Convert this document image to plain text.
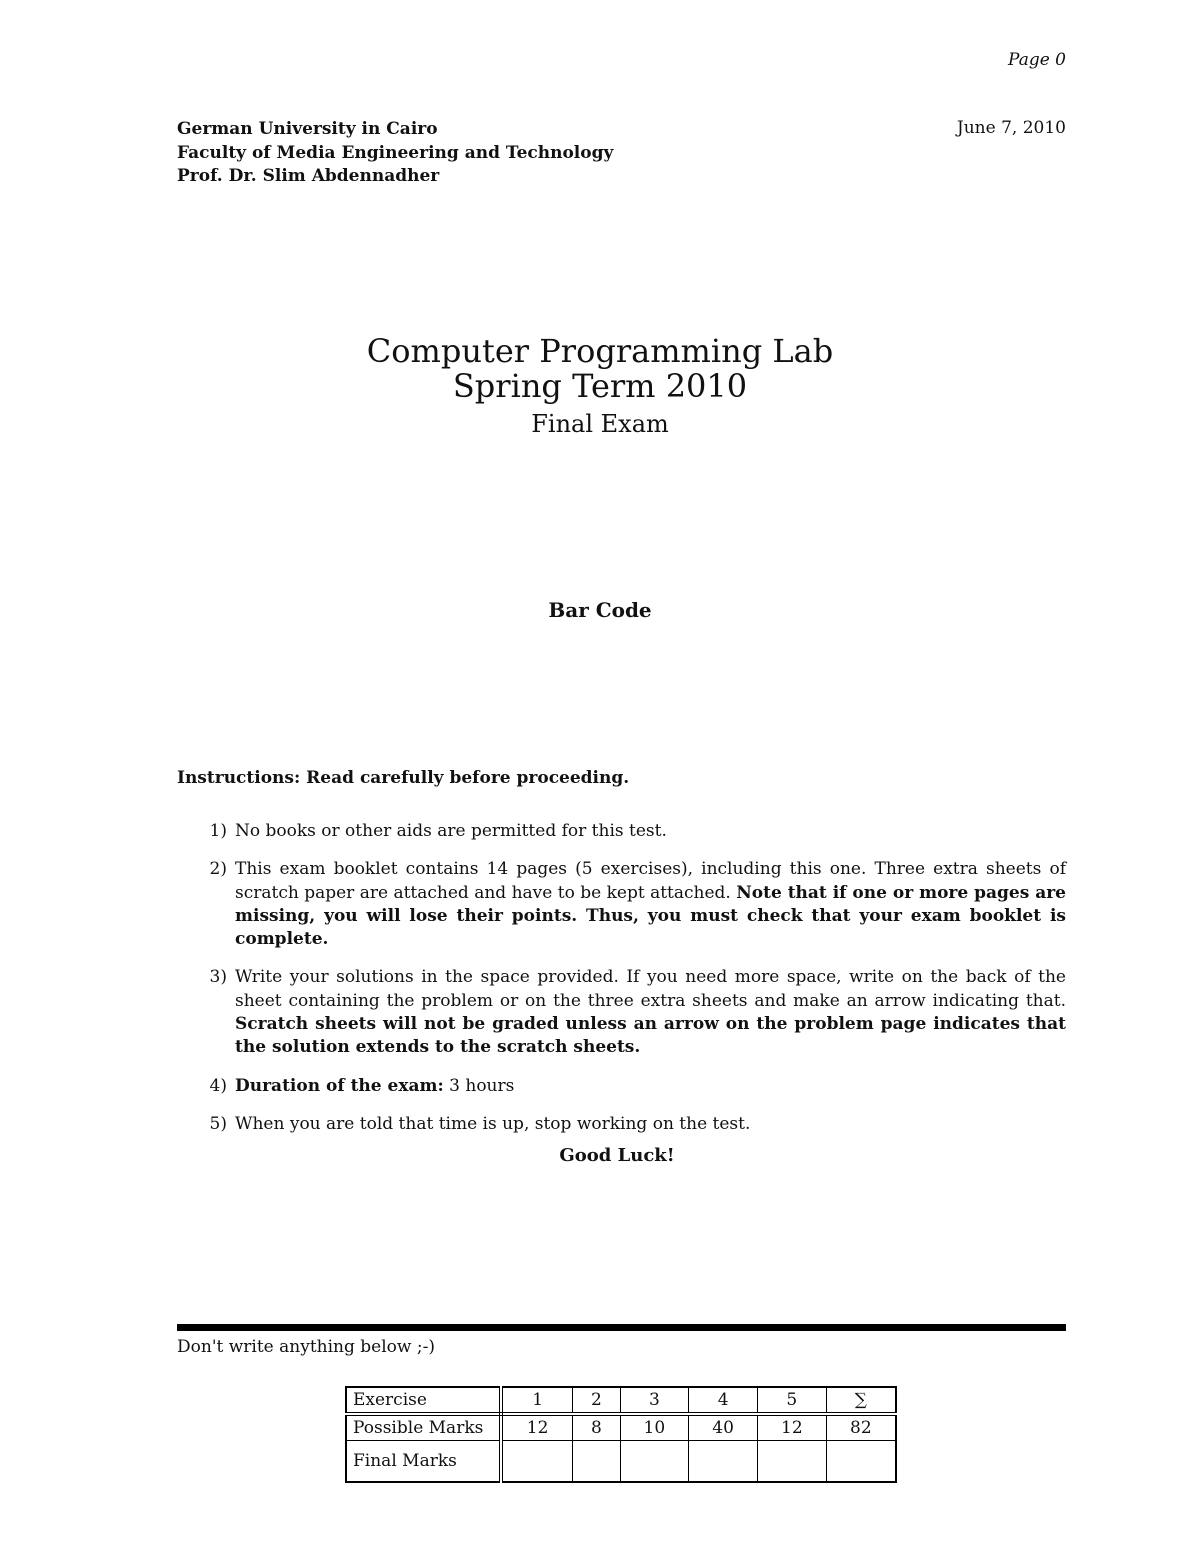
Page 0
German University in Cairo
Faculty of Media Engineering and Technology
Prof. Dr. Slim Abdennadher
June 7, 2010
Computer Programming Lab
Spring Term 2010
Final Exam
Bar Code
Instructions: Read carefully before proceeding.
1) No books or other aids are permitted for this test.
2) This exam booklet contains 14 pages (5 exercises), including this one. Three extra sheets of scratch paper are attached and have to be kept attached. Note that if one or more pages are missing, you will lose their points. Thus, you must check that your exam booklet is complete.
3) Write your solutions in the space provided. If you need more space, write on the back of the sheet containing the problem or on the three extra sheets and make an arrow indicating that. Scratch sheets will not be graded unless an arrow on the problem page indicates that the solution extends to the scratch sheets.
4) Duration of the exam: 3 hours
5) When you are told that time is up, stop working on the test.
Good Luck!
Don't write anything below ;-)
Exercise	1	2	3	4	5	∑
Possible Marks	12	8	10	40	12	82
Final Marks						
